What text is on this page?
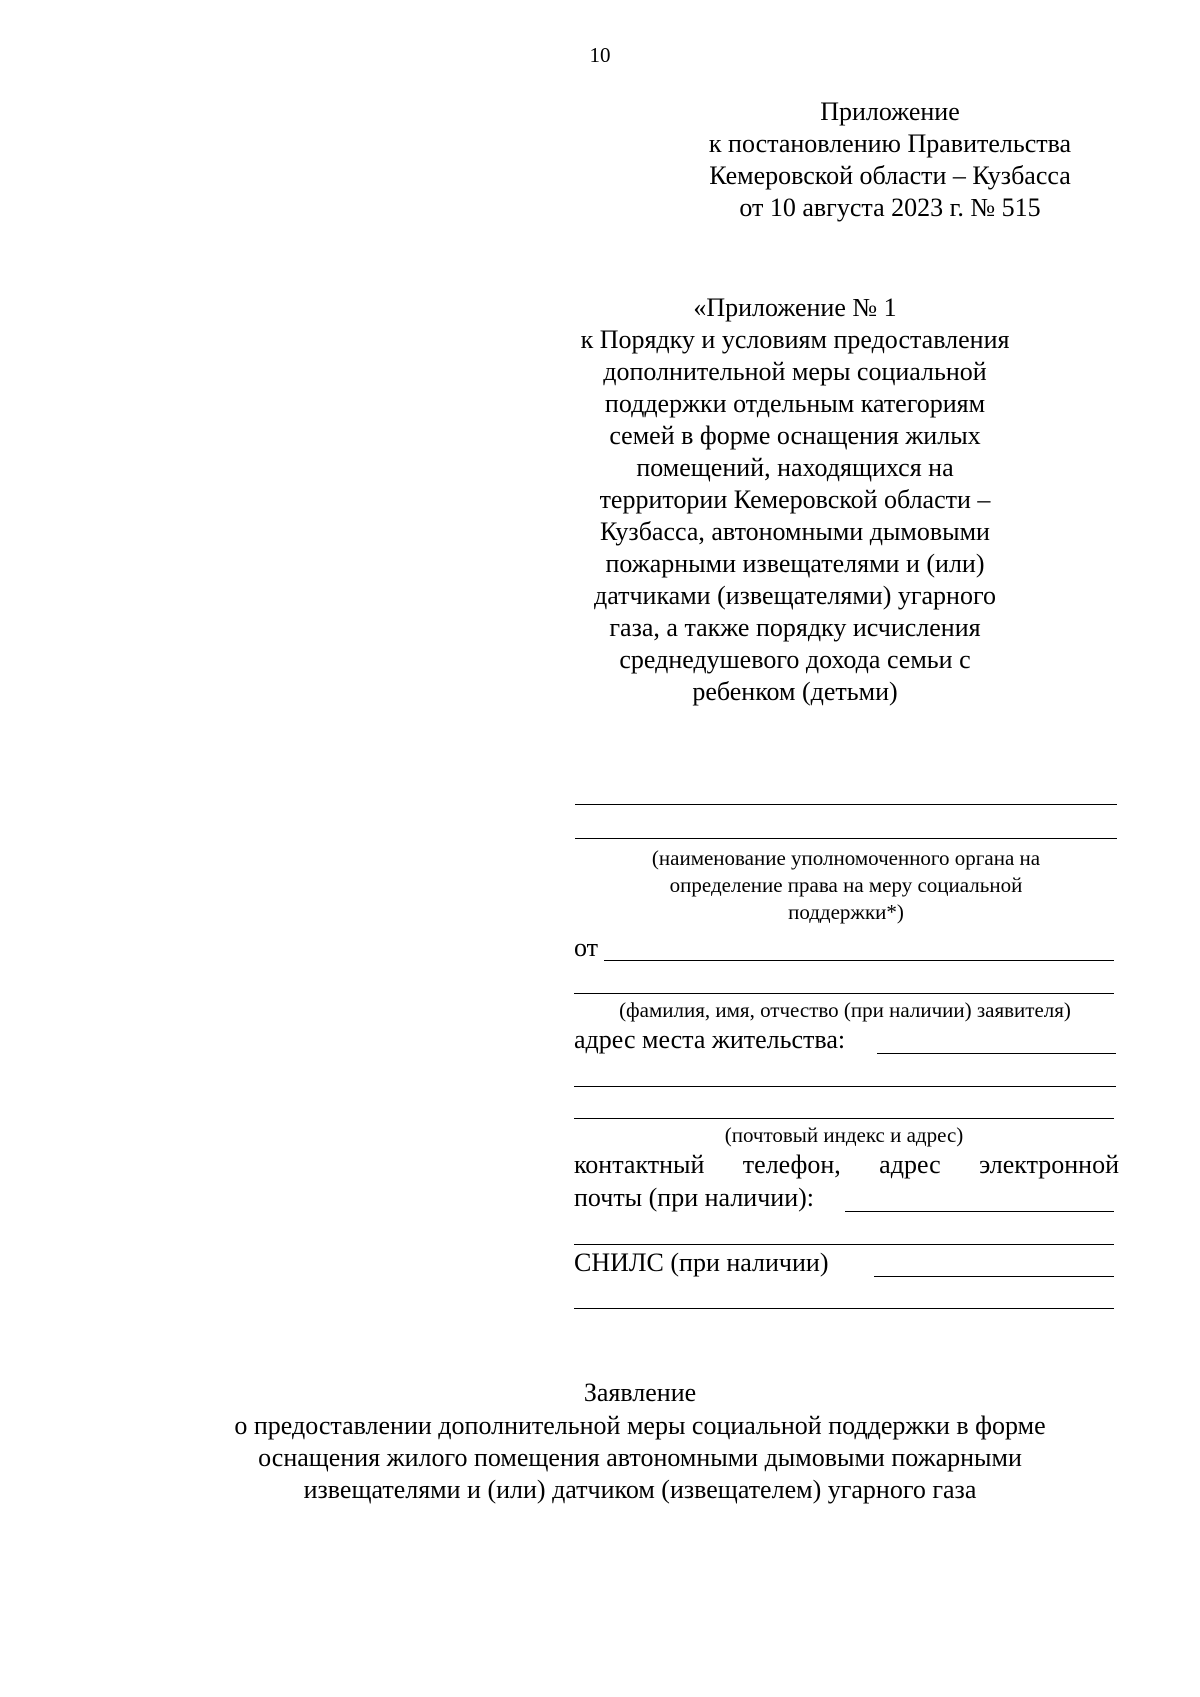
10
Приложение
к постановлению Правительства
Кемеровской области – Кузбасса
от 10 августа 2023 г. № 515
«Приложение № 1
к Порядку и условиям предоставления
дополнительной меры социальной
поддержки отдельным категориям
семей в форме оснащения жилых
помещений, находящихся на
территории Кемеровской области –
Кузбасса, автономными дымовыми
пожарными извещателями и (или)
датчиками (извещателями) угарного
газа, а также порядку исчисления
среднедушевого дохода семьи с
ребенком (детьми)
(наименование уполномоченного органа на
определение права на меру социальной
поддержки*)
от
(фамилия, имя, отчество (при наличии) заявителя)
адрес места жительства:
(почтовый индекс и адрес)
контактный телефон, адрес электронной
почты (при наличии):
СНИЛС (при наличии)
Заявление
о предоставлении дополнительной меры социальной поддержки в форме
оснащения жилого помещения автономными дымовыми пожарными
извещателями и (или) датчиком (извещателем) угарного газа
